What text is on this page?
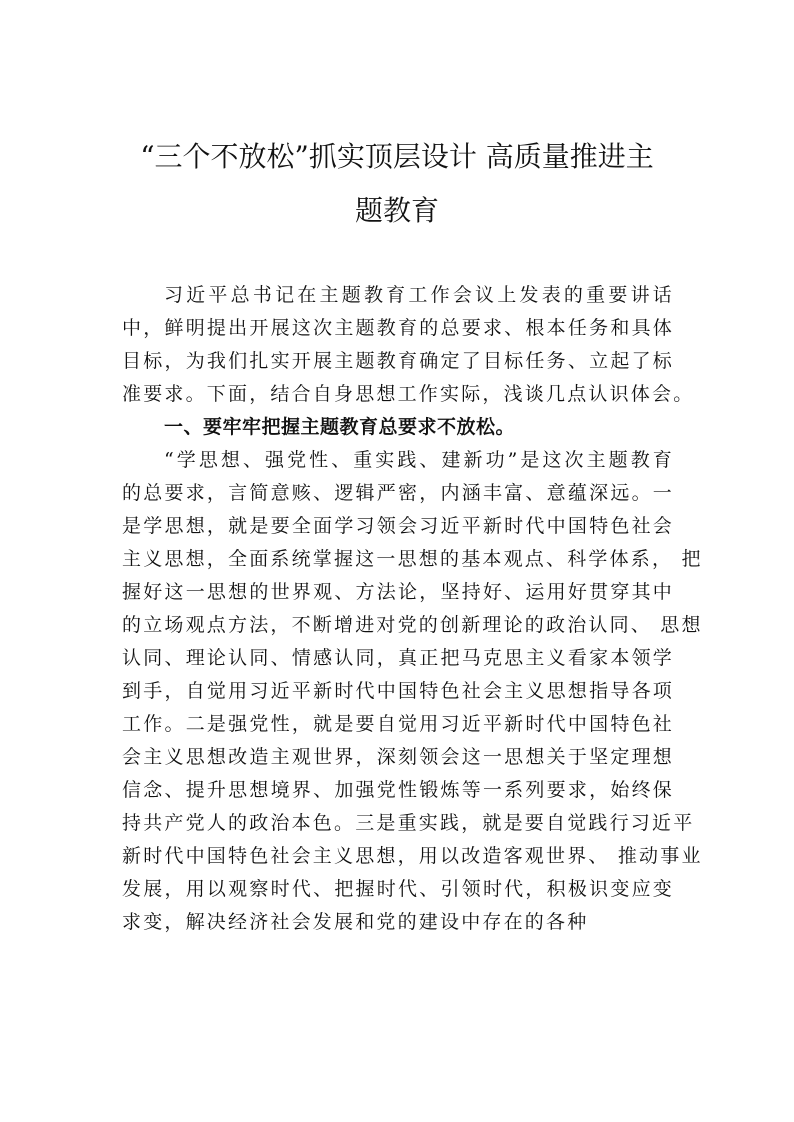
“三个不放松”抓实顶层设计 高质量推进主
题教育
习近平总书记在主题教育工作会议上发表的重要讲话
中，鲜明提出开展这次主题教育的总要求、根本任务和具体
目标，为我们扎实开展主题教育确定了目标任务、立起了标
准要求。下面，结合自身思想工作实际，浅谈几点认识体会。
一、要牢牢把握主题教育总要求不放松。
“学思想、强党性、重实践、建新功”是这次主题教育
的总要求，言简意赅、逻辑严密，内涵丰富、意蕴深远。一
是学思想，就是要全面学习领会习近平新时代中国特色社会
主义思想，全面系统掌握这一思想的基本观点、科学体系， 把
握好这一思想的世界观、方法论，坚持好、运用好贯穿其中
的立场观点方法，不断增进对党的创新理论的政治认同、 思想
认同、理论认同、情感认同，真正把马克思主义看家本领学
到手，自觉用习近平新时代中国特色社会主义思想指导各项
工作。二是强党性，就是要自觉用习近平新时代中国特色社
会主义思想改造主观世界，深刻领会这一思想关于坚定理想
信念、提升思想境界、加强党性锻炼等一系列要求，始终保
持共产党人的政治本色。三是重实践，就是要自觉践行习近平
新时代中国特色社会主义思想，用以改造客观世界、 推动事业
发展，用以观察时代、把握时代、引领时代，积极识变应变
求变，解决经济社会发展和党的建设中存在的各种
